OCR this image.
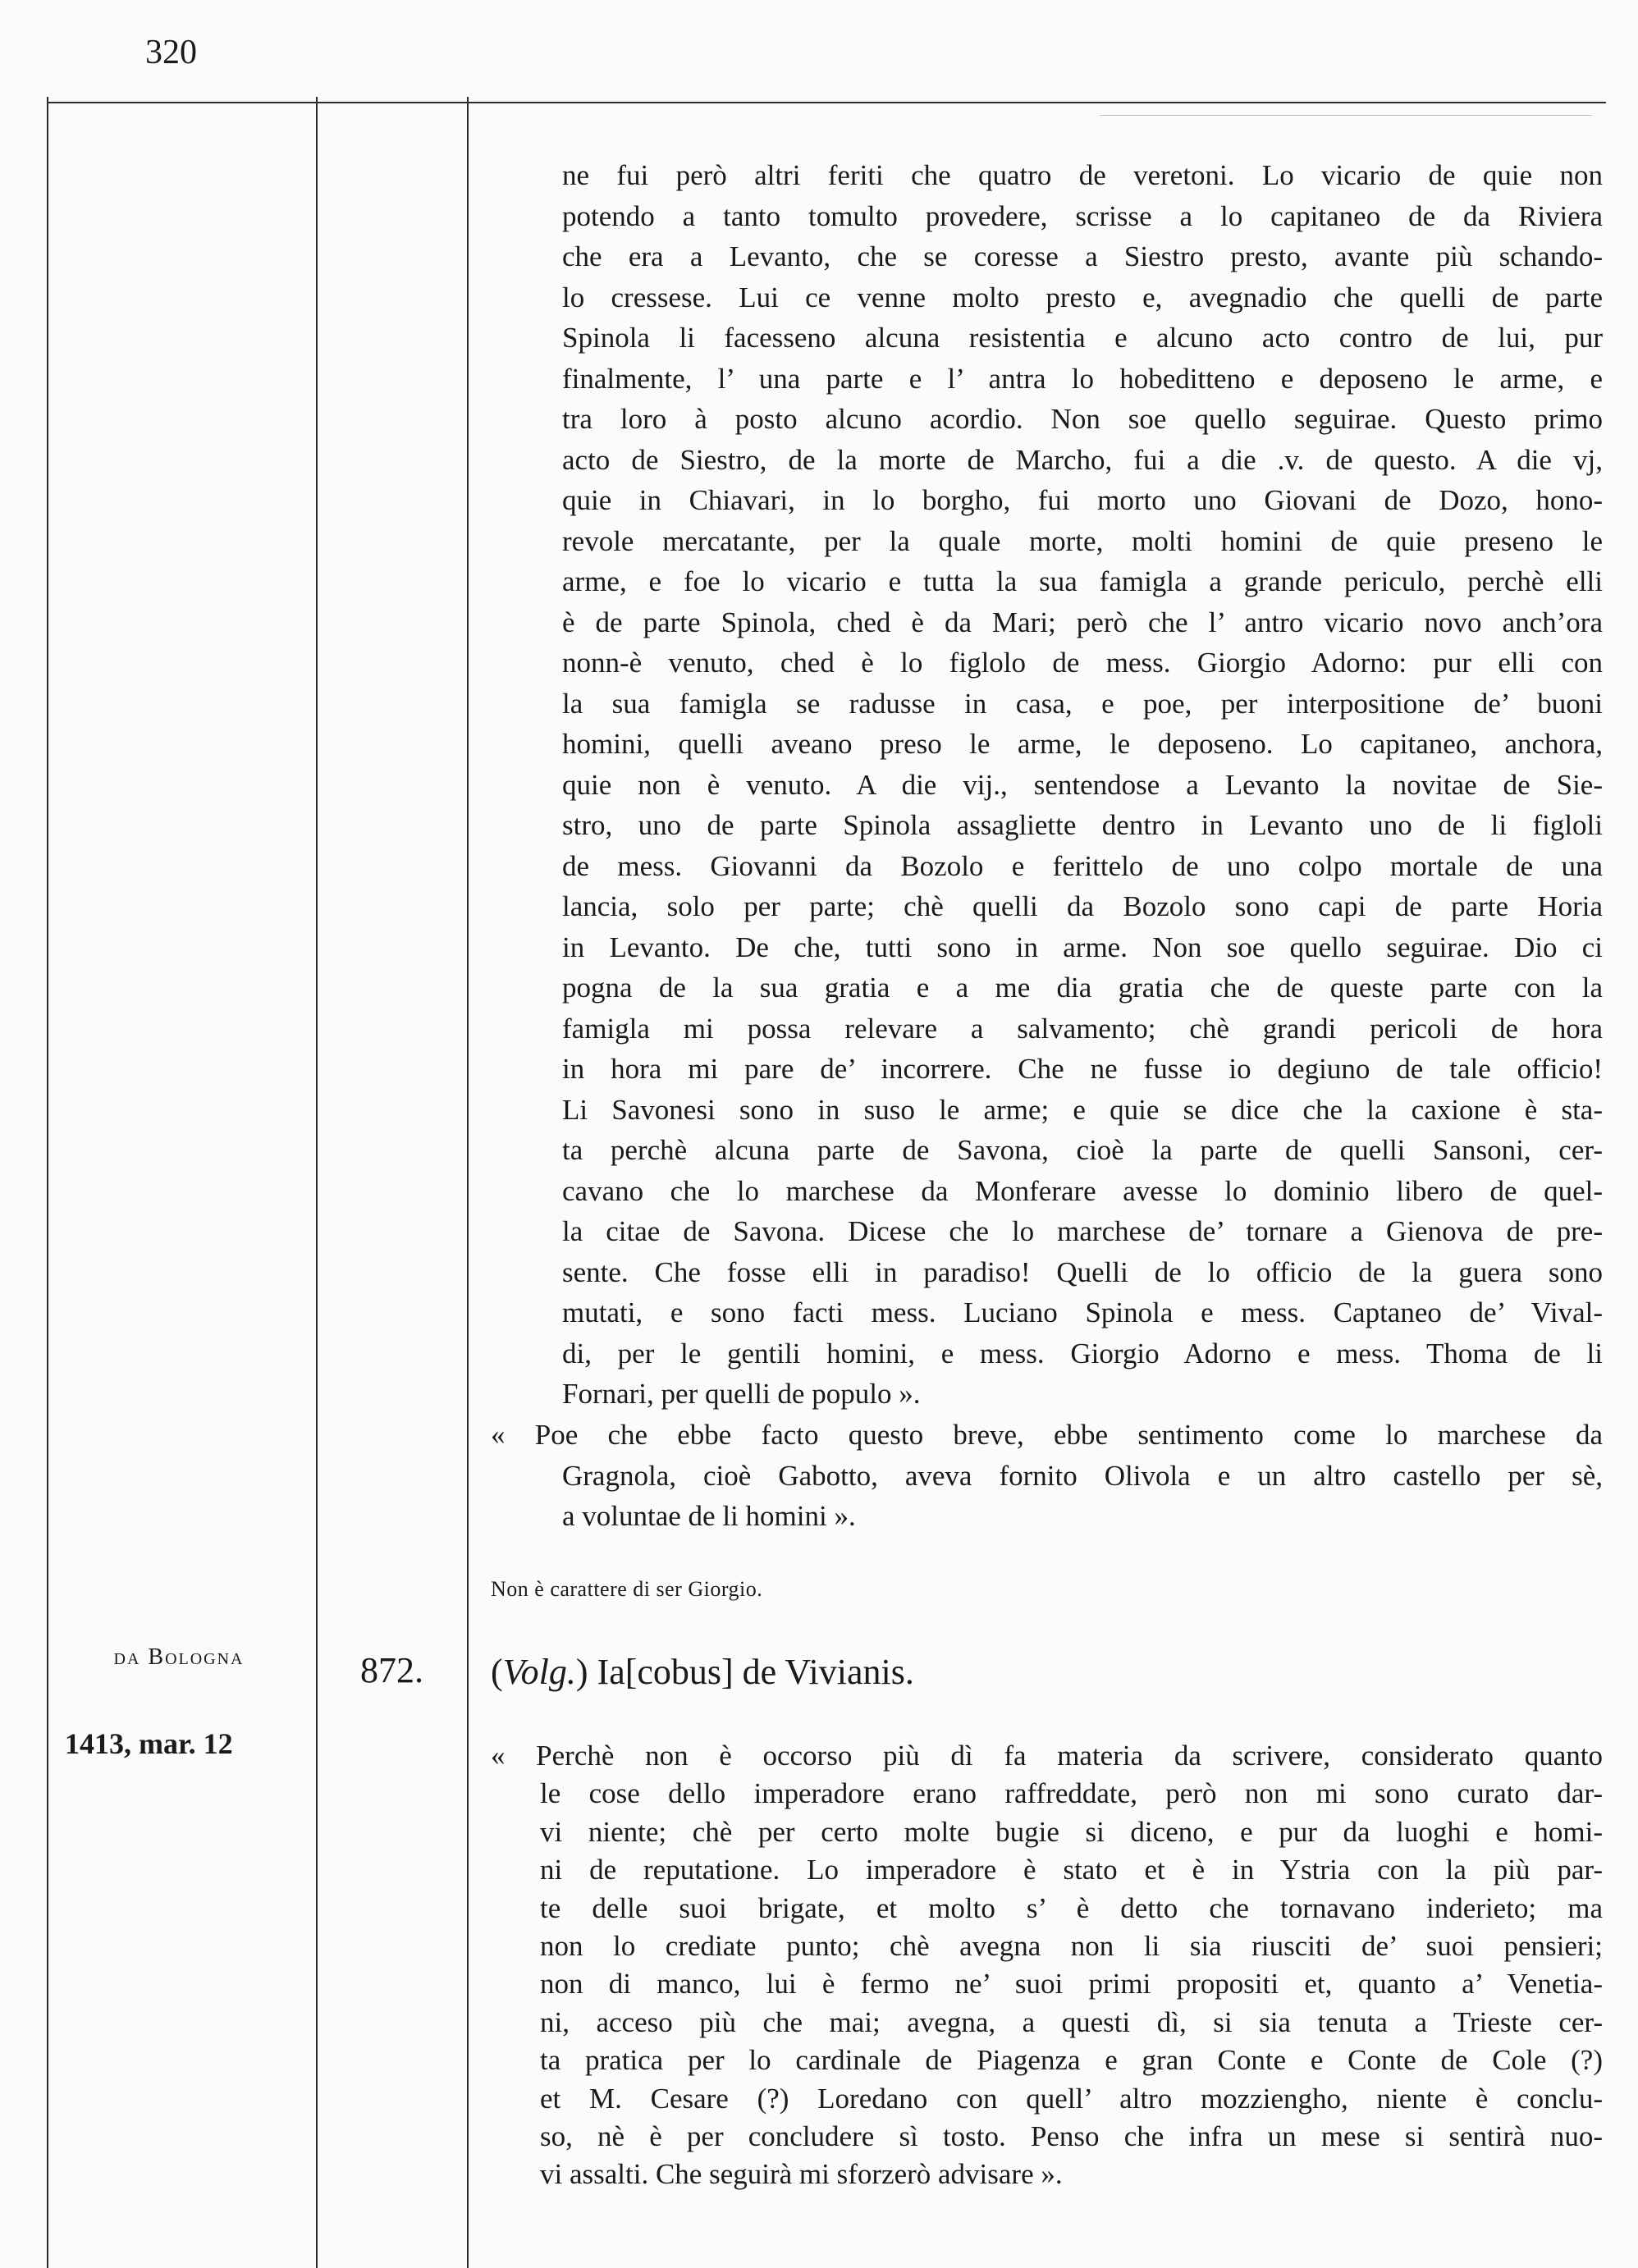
320
ne fui però altri feriti che quatro de veretoni. Lo vicario de quie non
potendo a tanto tomulto provedere, scrisse a lo capitaneo de da Riviera
che era a Levanto, che se coresse a Siestro presto, avante più schando-
lo cressese. Lui ce venne molto presto e, avegnadio che quelli de parte
Spinola li facesseno alcuna resistentia e alcuno acto contro de lui, pur
finalmente, l’ una parte e l’ antra lo hobeditteno e deposeno le arme, e
tra loro à posto alcuno acordio. Non soe quello seguirae. Questo primo
acto de Siestro, de la morte de Marcho, fui a die .v. de questo. A die vj,
quie in Chiavari, in lo borgho, fui morto uno Giovani de Dozo, hono-
revole mercatante, per la quale morte, molti homini de quie preseno le
arme, e foe lo vicario e tutta la sua famigla a grande periculo, perchè elli
è de parte Spinola, ched è da Mari; però che l’ antro vicario novo anch’ora
nonn-è venuto, ched è lo figlolo de mess. Giorgio Adorno: pur elli con
la sua famigla se radusse in casa, e poe, per interpositione de’ buoni
homini, quelli aveano preso le arme, le deposeno. Lo capitaneo, anchora,
quie non è venuto. A die vij., sentendose a Levanto la novitae de Sie-
stro, uno de parte Spinola assagliette dentro in Levanto uno de li figloli
de mess. Giovanni da Bozolo e ferittelo de uno colpo mortale de una
lancia, solo per parte; chè quelli da Bozolo sono capi de parte Horia
in Levanto. De che, tutti sono in arme. Non soe quello seguirae. Dio ci
pogna de la sua gratia e a me dia gratia che de queste parte con la
famigla mi possa relevare a salvamento; chè grandi pericoli de hora
in hora mi pare de’ incorrere. Che ne fusse io degiuno de tale officio!
Li Savonesi sono in suso le arme; e quie se dice che la caxione è sta-
ta perchè alcuna parte de Savona, cioè la parte de quelli Sansoni, cer-
cavano che lo marchese da Monferare avesse lo dominio libero de quel-
la citae de Savona. Dicese che lo marchese de’ tornare a Gienova de pre-
sente. Che fosse elli in paradiso! Quelli de lo officio de la guera sono
mutati, e sono facti mess. Luciano Spinola e mess. Captaneo de’ Vival-
di, per le gentili homini, e mess. Giorgio Adorno e mess. Thoma de li
Fornari, per quelli de populo ».
« Poe che ebbe facto questo breve, ebbe sentimento come lo marchese da
Gragnola, cioè Gabotto, aveva fornito Olivola e un altro castello per sè,
a voluntae de li homini ».
Non è carattere di ser Giorgio.
da Bologna	872. (Volg.) Ia[cobus] de Vivianis.
1413, mar. 12	« Perchè non è occorso più dì fa materia da scrivere, considerato quanto
le cose dello imperadore erano raffreddate, però non mi sono curato dar-
vi niente; chè per certo molte bugie si diceno, e pur da luoghi e homi-
ni de reputatione. Lo imperadore è stato et è in Ystria con la più par-
te delle suoi brigate, et molto s’ è detto che tornavano inderieto; ma
non lo crediate punto; chè avegna non li sia riusciti de’ suoi pensieri;
non di manco, lui è fermo ne’ suoi primi propositi et, quanto a’ Venetia-
ni, acceso più che mai; avegna, a questi dì, si sia tenuta a Trieste cer-
ta pratica per lo cardinale de Piagenza e gran Conte e Conte de Cole (?)
et M. Cesare (?) Loredano con quell’ altro mozziengho, niente è conclu-
so, nè è per concludere sì tosto. Penso che infra un mese si sentirà nuo-
vi assalti. Che seguirà mi sforzerò advisare ».
